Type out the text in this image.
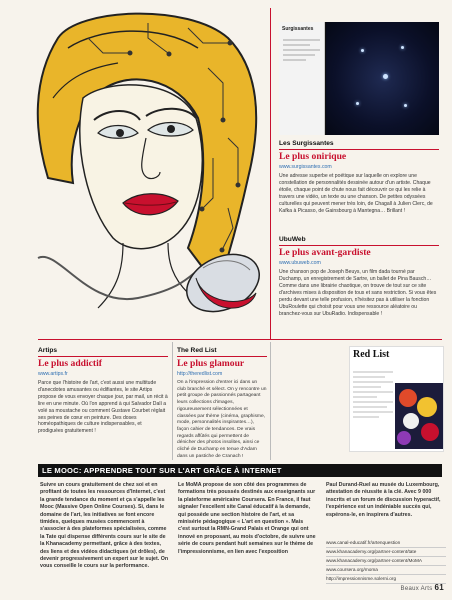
Surgissantes
Les Surgissantes
Le plus onirique
www.surgissantes.com
Une adresse superbe et poétique sur laquelle on explore une constellation de personnalités dessinée autour d'un artiste. Chaque étoile, chaque point de chute nous fait découvrir ce qui les relie à travers une vidéo, un texte ou une chanson. De petites odyssées culturelles qui peuvent mener très loin, de Chagall à Julien Clerc, de Kafka à Picasso, de Gainsbourg à Mantegna… Brillant !
UbuWeb
Le plus avant-gardiste
www.ubuweb.com
Une chanson pop de Joseph Beuys, un film dada tourné par Duchamp, un enregistrement de Sartre, un ballet de Pina Bausch… Comme dans une librairie chaotique, on trouve de tout sur ce site d'archives mises à disposition de tous et sans restriction. Si vous êtes perdu devant une telle profusion, n'hésitez pas à utiliser la fonction UbuRoulette qui choisit pour vous une ressource aléatoire ou branchez-vous sur UbuRadio. Indispensable !
Artips
Le plus addictif
www.artips.fr
Parce que l'histoire de l'art, c'est aussi une multitude d'anecdotes amusantes ou édifiantes, le site Artips propose de vous envoyer chaque jour, par mail, un récit à lire en une minute. Où l'on apprend à qui Salvador Dalí a volé sa moustache ou comment Gustave Courbet réglait ses peines de cœur en peinture. Des doses homéopathiques de culture indispensables, et prodiguées gratuitement !
The Red List
Le plus glamour
http://theredlist.com
On a l'impression d'entrer ici dans un club branché et sélect. On y rencontre un petit groupe de passionnés partageant leurs collections d'images, rigoureusement sélectionnées et classées par thème (cinéma, graphisme, mode, personnalités inspirantes…), façon cahier de tendances. De vrais regards affûtés qui permettent de dénicher des photos insolites, ainsi ce cliché de Duchamp en tenue d'Adam dans un pastiche de Cranach !
Red List
LE MOOC: APPRENDRE TOUT SUR L'ART GRÂCE À INTERNET
Suivre un cours gratuitement de chez soi et en profitant de toutes les ressources d'Internet, c'est la grande tendance du moment et ça s'appelle les Mooc (Massive Open Online Courses). Si, dans le domaine de l'art, les initiatives se font encore timides, quelques musées commencent à s'associer à des plateformes spécialisées, comme la Tate qui dispense différents cours sur le site de la Khanacademy permettant, grâce à des textes, des liens et des vidéos didactiques (et drôles), de devenir progressivement un expert sur le sujet. On vous conseille le cours sur la performance.
Le MoMA propose de son côté des programmes de formations très poussés destinés aux enseignants sur la plateforme américaine Coursera. En France, il faut signaler l'excellent site Canal éducatif à la demande, qui possède une section histoire de l'art, et sa minisérie pédagogique « L'art en question ». Mais c'est surtout la RMN-Grand Palais et Orange qui ont innové en proposant, au mois d'octobre, de suivre une série de cours pendant huit semaines sur le thème de l'impressionnisme, en lien avec l'exposition
Paul Durand-Ruel au musée du Luxembourg, attestation de réussite à la clé. Avec 9 000 inscrits et un forum de discussion hyperactif, l'expérience est un indéniable succès qui, espérons-le, en inspirera d'autres.
www.canal-educatif.fr/artenquestion
www.khanacademy.org/partner-content/tate
www.khanacademy.org/partner-content/MoMA
www.coursera.org/moma
http://impressionnisme.solerni.org
Beaux Arts 61
